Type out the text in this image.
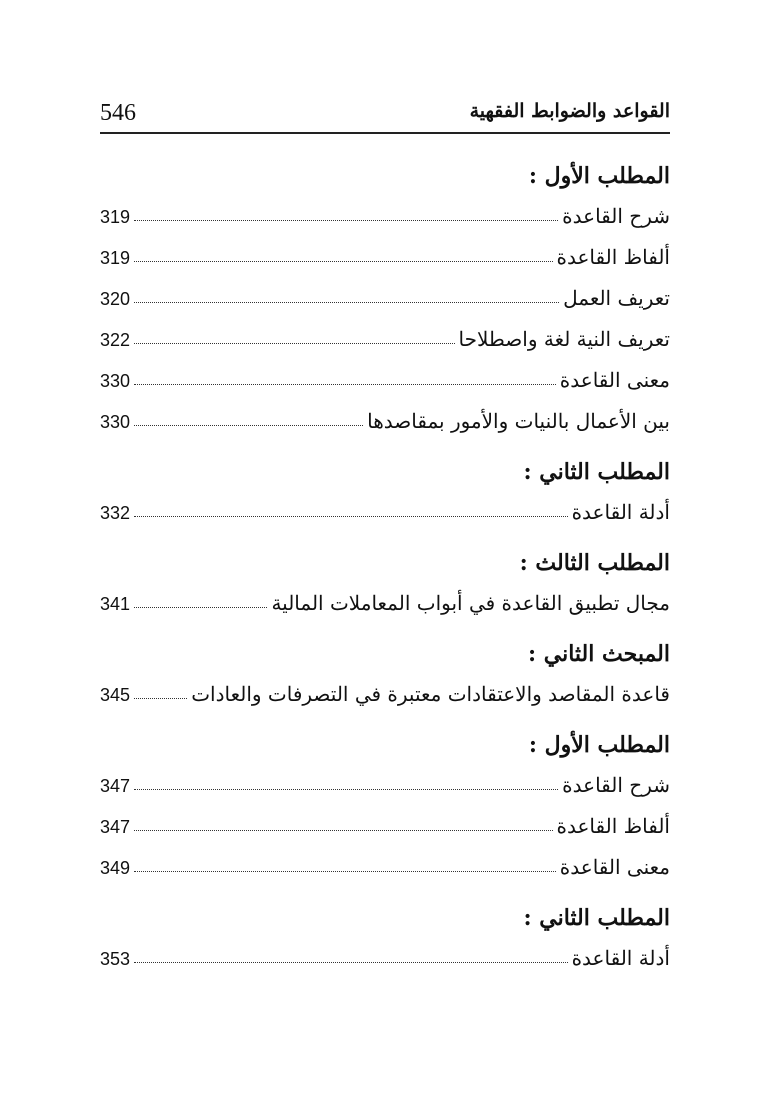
546	القواعد والضوابط الفقهية
المطلب الأول :
319	شرح القاعدة
319	ألفاظ القاعدة
320	تعريف العمل
322	تعريف النية لغة واصطلاحا
330	معنى القاعدة
330	بين الأعمال بالنيات والأمور بمقاصدها
المطلب الثاني :
332	أدلة القاعدة
المطلب الثالث :
341	مجال تطبيق القاعدة في أبواب المعاملات المالية
المبحث الثاني :
345	قاعدة المقاصد والاعتقادات معتبرة في التصرفات والعادات
المطلب الأول :
347	شرح القاعدة
347	ألفاظ القاعدة
349	معنى القاعدة
المطلب الثاني :
353	أدلة القاعدة
